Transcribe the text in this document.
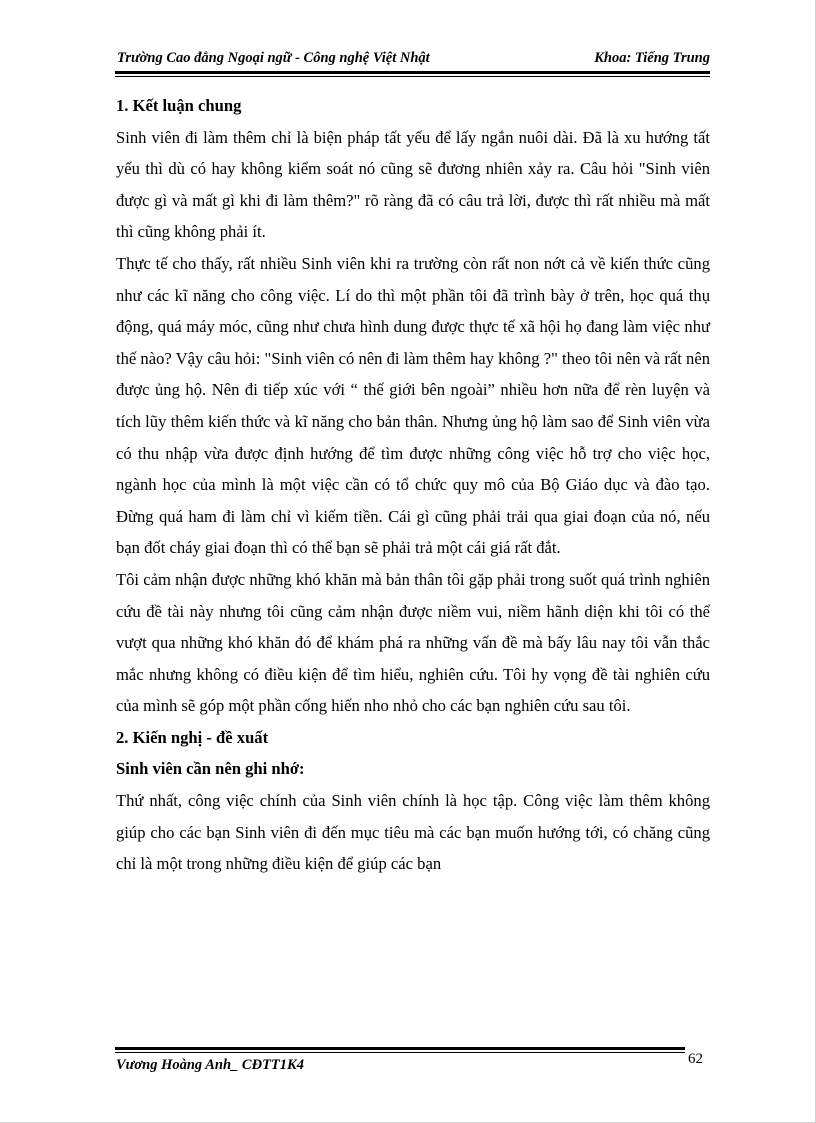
Trường Cao đẳng Ngoại ngữ - Công nghệ Việt Nhật	Khoa: Tiếng Trung

1. Kết luận chung

Sinh viên đi làm thêm chỉ là biện pháp tất yếu để lấy ngắn nuôi dài. Đã là xu hướng tất yếu thì dù có hay không kiểm soát nó cũng sẽ đương nhiên xảy ra. Câu hỏi "Sinh viên được gì và mất gì khi đi làm thêm?" rõ ràng đã có câu trả lời, được thì rất nhiều mà mất thì cũng không phải ít.

Thực tế cho thấy, rất nhiều Sinh viên khi ra trường còn rất non nớt cả về kiến thức cũng như các kĩ năng cho công việc. Lí do thì một phần tôi đã trình bày ở trên, học quá thụ động, quá máy móc, cũng như chưa hình dung được thực tế xã hội họ đang làm việc như thế nào? Vậy câu hỏi: "Sinh viên có nên đi làm thêm hay không ?" theo tôi nên và rất nên được ủng hộ. Nên đi tiếp xúc với “ thế giới bên ngoài” nhiều hơn nữa để rèn luyện và tích lũy thêm kiến thức và kĩ năng cho bản thân. Nhưng ủng hộ làm sao để Sinh viên vừa có thu nhập vừa được định hướng để tìm được những công việc hỗ trợ cho việc học, ngành học của mình là một việc cần có tổ chức quy mô của Bộ Giáo dục và đào tạo. Đừng quá ham đi làm chỉ vì kiếm tiền. Cái gì cũng phải trải qua giai đoạn của nó, nếu bạn đốt cháy giai đoạn thì có thể bạn sẽ phải trả một cái giá rất đắt.

Tôi cảm nhận được những khó khăn mà bản thân tôi gặp phải trong suốt quá trình nghiên cứu đề tài này nhưng tôi cũng cảm nhận được niềm vui, niềm hãnh diện khi tôi có thể vượt qua những khó khăn đó để khám phá ra những vấn đề mà bấy lâu nay tôi vẫn thắc mắc nhưng không có điều kiện để tìm hiểu, nghiên cứu. Tôi hy vọng đề tài nghiên cứu của mình sẽ góp một phần cống hiến nho nhỏ cho các bạn nghiên cứu sau tôi.

2. Kiến nghị - đề xuất

Sinh viên cần nên ghi nhớ:

Thứ nhất, công việc chính của Sinh viên chính là học tập. Công việc làm thêm không giúp cho các bạn Sinh viên đi đến mục tiêu mà các bạn muốn hướng tới, có chăng cũng chỉ là một trong những điều kiện để giúp các bạn

Vương Hoàng Anh_ CĐTT1K4	62
